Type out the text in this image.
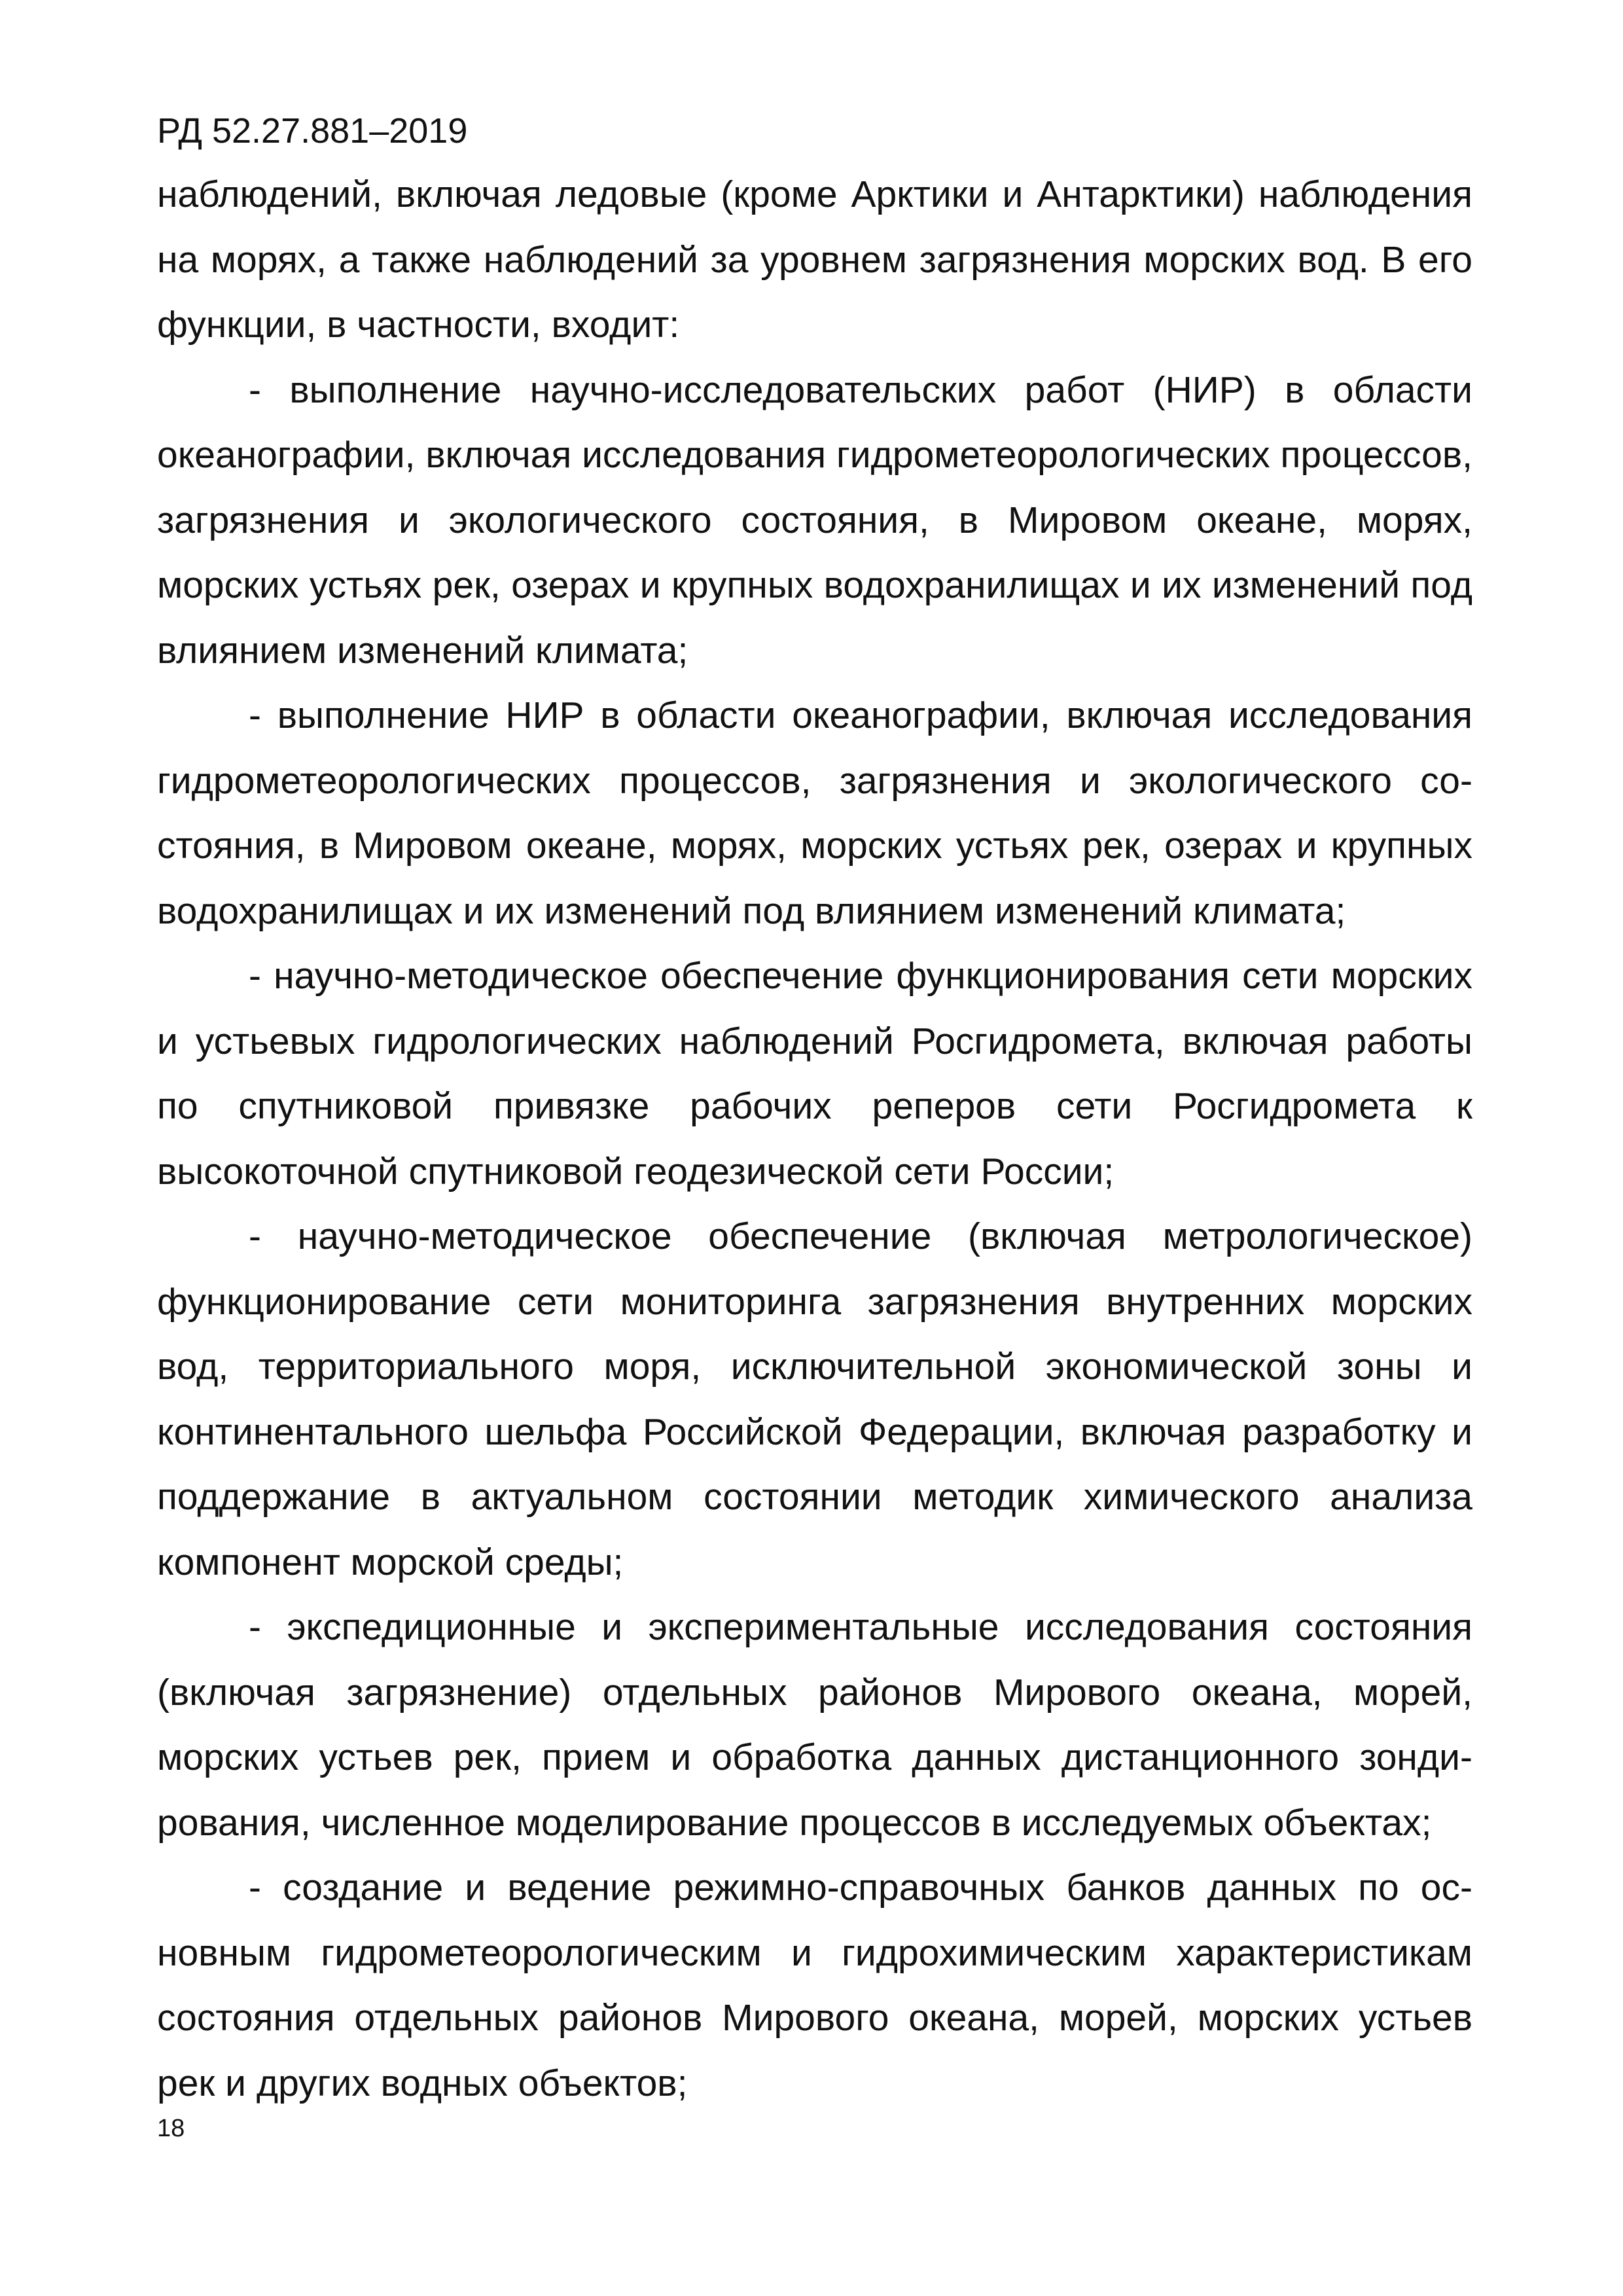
РД 52.27.881–2019

наблюдений, включая ледовые (кроме Арктики и Антарктики) наблюдения на морях, а также наблюдений за уровнем загрязнения морских вод. В его функции, в частности, входит:

- выполнение научно-исследовательских работ (НИР) в области океанографии, включая исследования гидрометеорологических процессов, загрязнения и экологического состояния, в Мировом океане, морях, морских устьях рек, озерах и крупных водохранилищах и их изменений под влиянием изменений климата;

- выполнение НИР в области океанографии, включая исследования гидрометеорологических процессов, загрязнения и экологического состояния, в Мировом океане, морях, морских устьях рек, озерах и крупных водохранилищах и их изменений под влиянием изменений климата;

- научно-методическое обеспечение функционирования сети морских и устьевых гидрологических наблюдений Росгидромета, включая работы по спутниковой привязке рабочих реперов сети Росгидромета к высокоточной спутниковой геодезической сети России;

- научно-методическое обеспечение (включая метрологическое) функционирование сети мониторинга загрязнения внутренних морских вод, территориального моря, исключительной экономической зоны и континентального шельфа Российской Федерации, включая разработку и поддержание в актуальном состоянии методик химического анализа компонент морской среды;

- экспедиционные и экспериментальные исследования состояния (включая загрязнение) отдельных районов Мирового океана, морей, морских устьев рек, прием и обработка данных дистанционного зондирования, численное моделирование процессов в исследуемых объектах;

- создание и ведение режимно-справочных банков данных по основным гидрометеорологическим и гидрохимическим характеристикам состояния отдельных районов Мирового океана, морей, морских устьев рек и других водных объектов;

18
